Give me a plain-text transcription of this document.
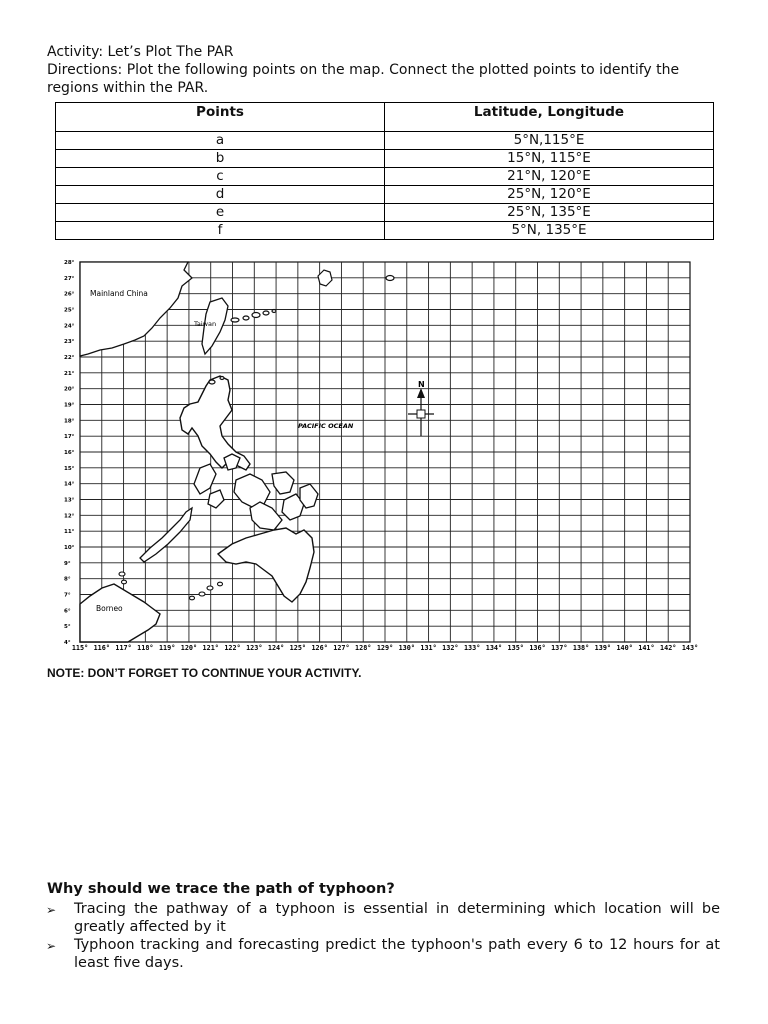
Activity: Let’s Plot The PAR
Directions: Plot the following points on the map. Connect the plotted points to identify the
regions within the PAR.
Points	Latitude, Longitude
a	5°N,115°E
b	15°N, 115°E
c	21°N, 120°E
d	25°N, 120°E
e	25°N, 135°E
f	5°N, 135°E
28°
27°
26°
25°
24°
23°
22°
21°
20°
19°
18°
17°
16°
15°
14°
13°
12°
11°
10°
9°
8°
7°
6°
5°
4°
115° 116° 117° 118° 119° 120° 121° 122° 123° 124° 125° 126° 127° 128° 129° 130° 131° 132° 133° 134° 135° 136° 137° 138° 139° 140° 141° 142° 143°
Mainland China
Taiwan
Borneo
PACIFIC OCEAN
N
NOTE: DON’T FORGET TO CONTINUE YOUR ACTIVITY.
Why should we trace the path of typhoon?
➢ Tracing the pathway of a typhoon is essential in determining which location will be greatly affected by it
➢ Typhoon tracking and forecasting predict the typhoon's path every 6 to 12 hours for at least five days.
